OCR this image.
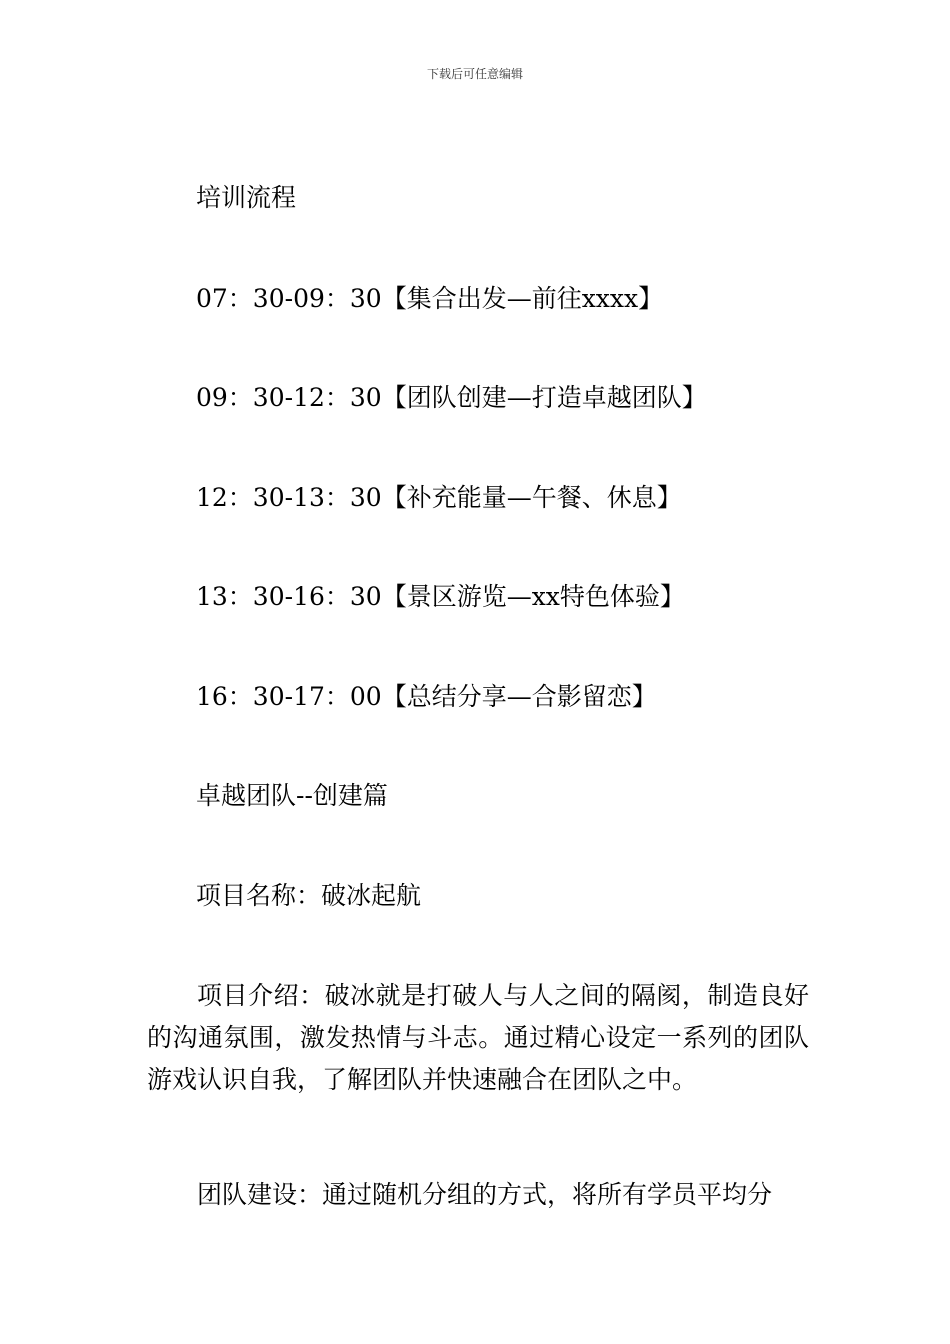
下载后可任意编辑
培训流程
07：30-09：30【集合出发—前往xxxx】
09：30-12：30【团队创建—打造卓越团队】
12：30-13：30【补充能量—午餐、休息】
13：30-16：30【景区游览—xx特色体验】
16：30-17：00【总结分享—合影留恋】
卓越团队--创建篇
项目名称：破冰起航
项目介绍：破冰就是打破人与人之间的隔阂，制造良好的沟通氛围，激发热情与斗志。通过精心设定一系列的团队游戏认识自我，了解团队并快速融合在团队之中。
团队建设：通过随机分组的方式，将所有学员平均分
